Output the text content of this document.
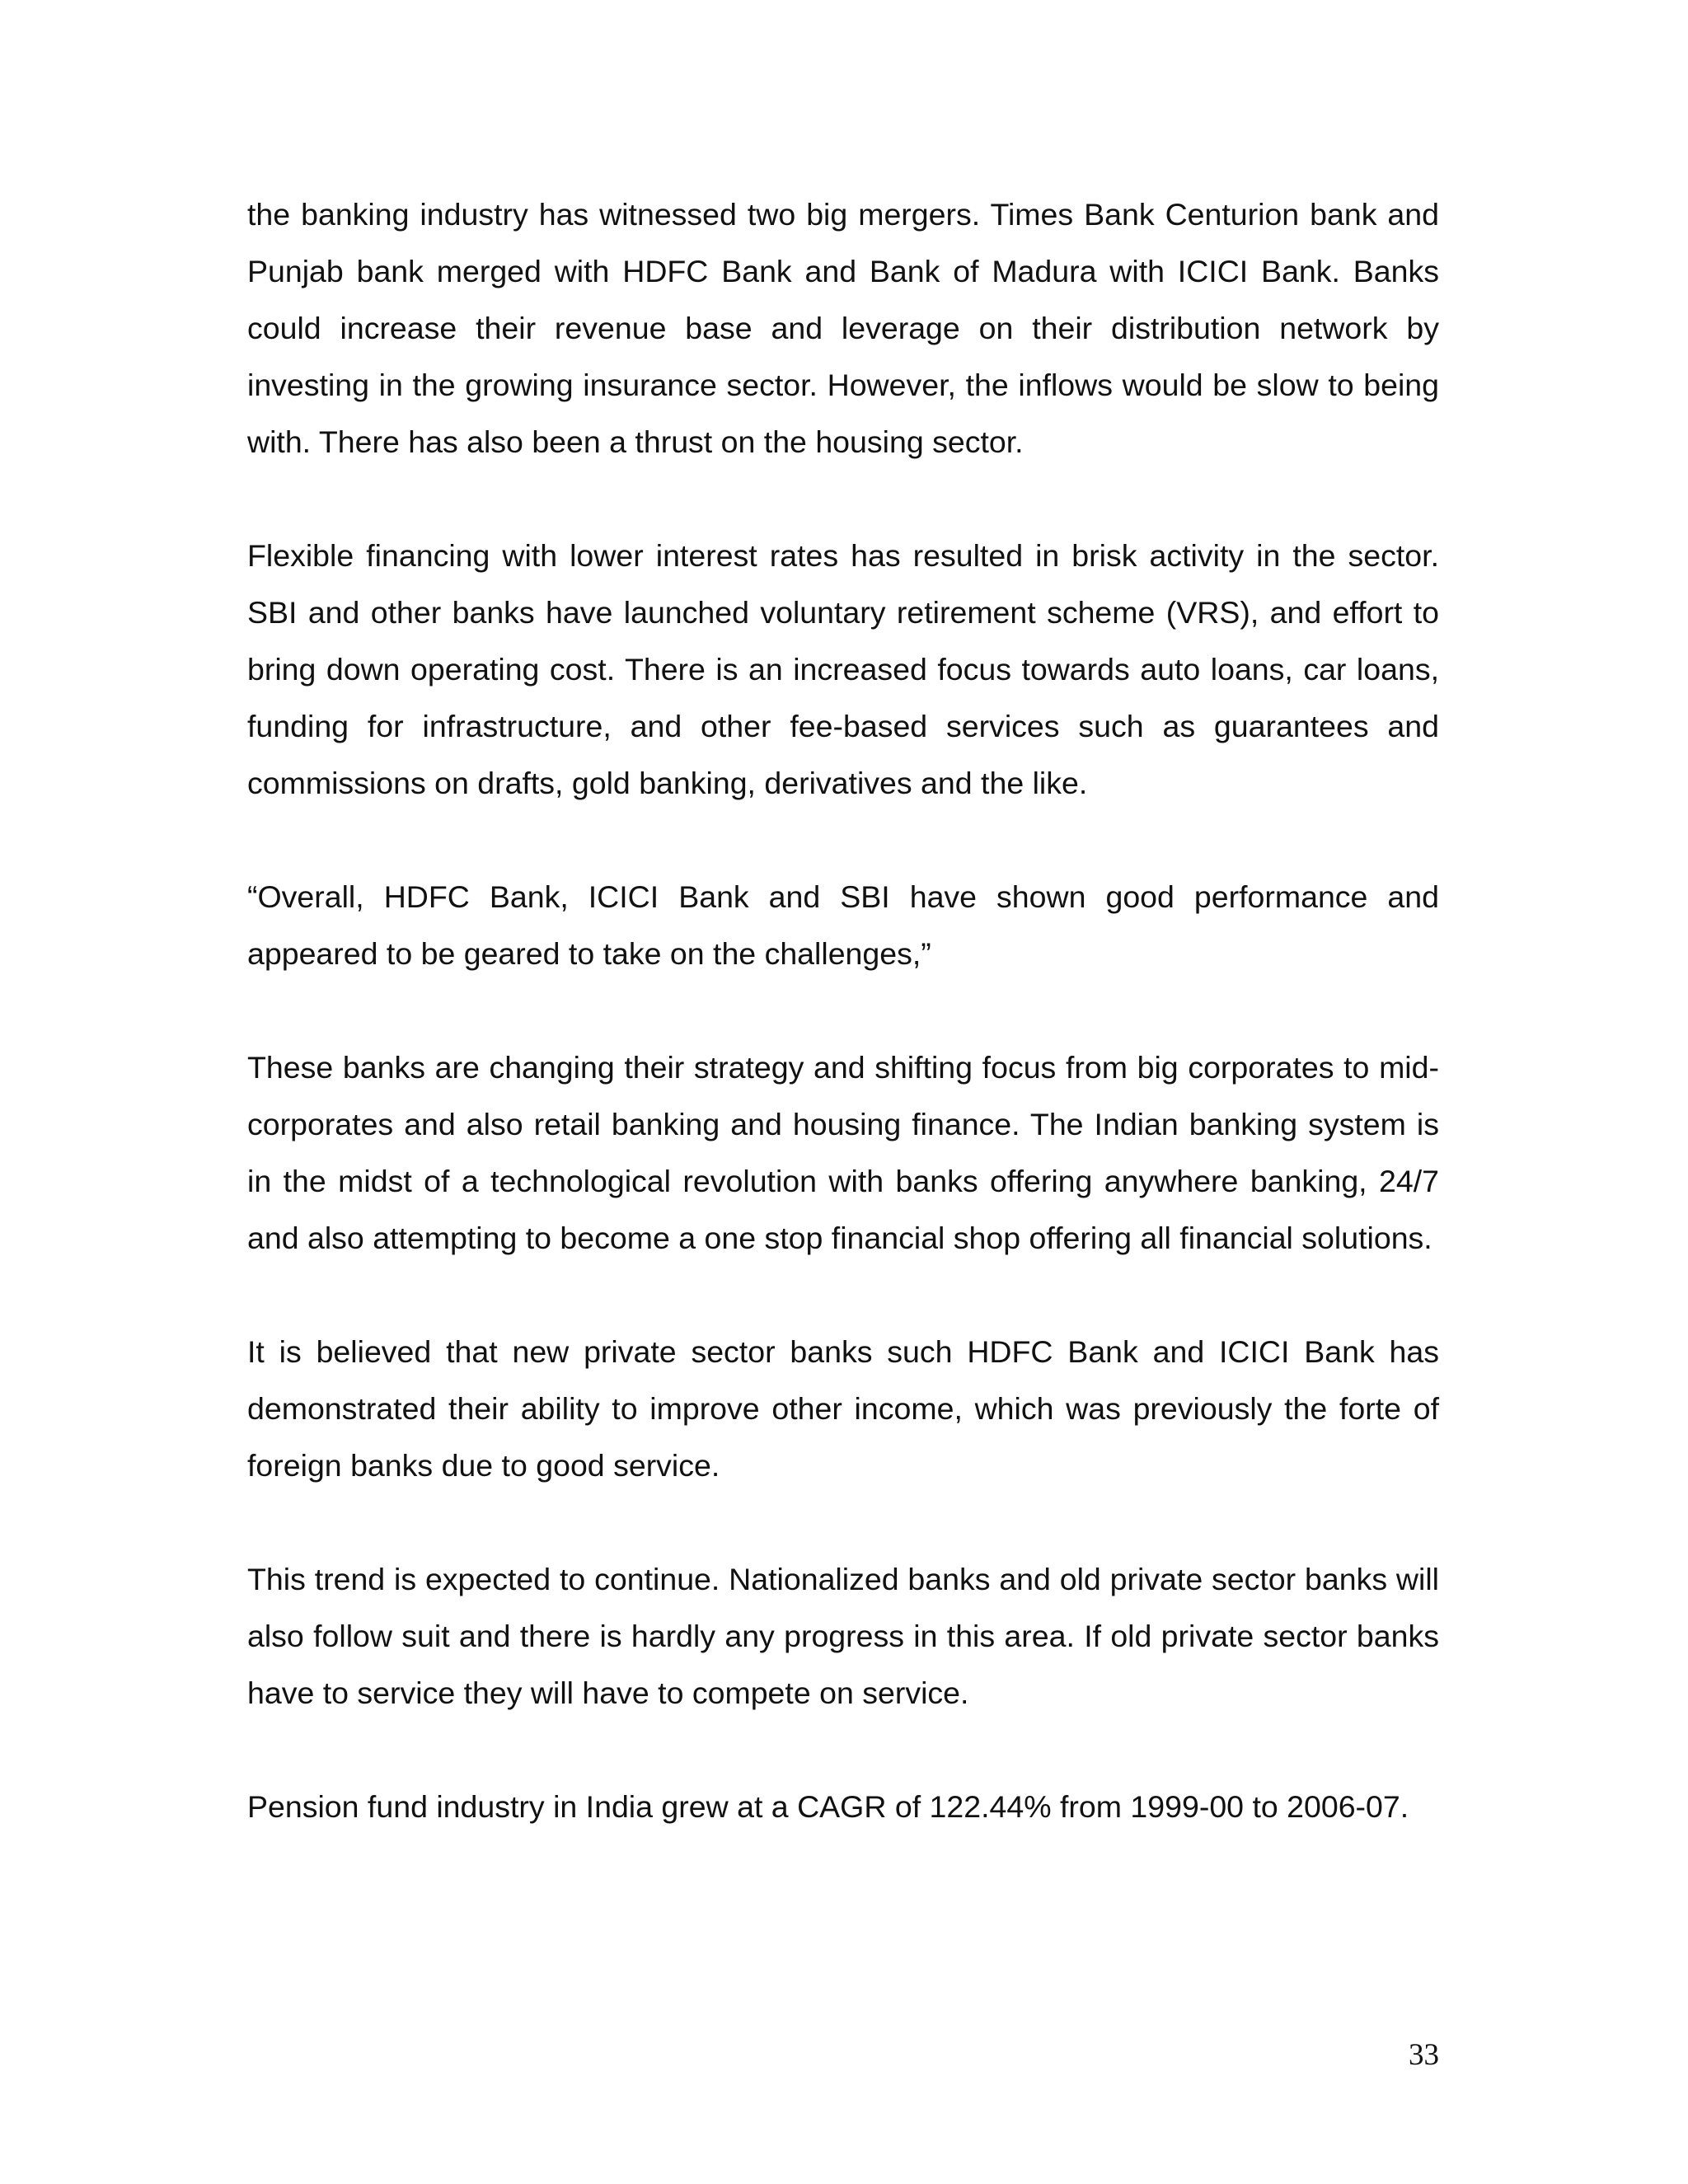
the banking industry has witnessed two big mergers. Times Bank Centurion bank and Punjab bank merged with HDFC Bank and Bank of Madura with ICICI Bank. Banks could increase their revenue base and leverage on their distribution network by investing in the growing insurance sector. However, the inflows would be slow to being with. There has also been a thrust on the housing sector.

Flexible financing with lower interest rates has resulted in brisk activity in the sector. SBI and other banks have launched voluntary retirement scheme (VRS), and effort to bring down operating cost. There is an increased focus towards auto loans, car loans, funding for infrastructure, and other fee-based services such as guarantees and commissions on drafts, gold banking, derivatives and the like.

“Overall, HDFC Bank, ICICI Bank and SBI have shown good performance and appeared to be geared to take on the challenges,”

These banks are changing their strategy and shifting focus from big corporates to mid-corporates and also retail banking and housing finance. The Indian banking system is in the midst of a technological revolution with banks offering anywhere banking, 24/7 and also attempting to become a one stop financial shop offering all financial solutions.

It is believed that new private sector banks such HDFC Bank and ICICI Bank has demonstrated their ability to improve other income, which was previously the forte of foreign banks due to good service.

This trend is expected to continue. Nationalized banks and old private sector banks will also follow suit and there is hardly any progress in this area. If old private sector banks have to service they will have to compete on service.

Pension fund industry in India grew at a CAGR of 122.44% from 1999-00 to 2006-07.

33
